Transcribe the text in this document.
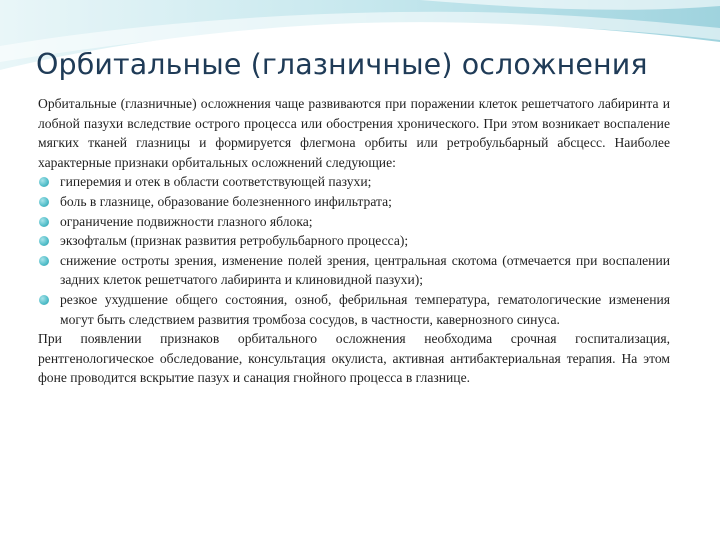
Орбитальные (глазничные) осложнения

Орбитальные (глазничные) осложнения чаще развиваются при поражении клеток решетчатого лабиринта и лобной пазухи вследствие острого процесса или обострения хронического. При этом возникает воспаление мягких тканей глазницы и формируется флегмона орбиты или ретробульбарный абсцесс. Наиболее характерные признаки орбитальных осложнений следующие:

гиперемия и отек в области соответствующей пазухи;
боль в глазнице, образование болезненного инфильтрата;
ограничение подвижности глазного яблока;
экзофтальм (признак развития ретробульбарного процесса);
снижение остроты зрения, изменение полей зрения, центральная скотома (отмечается при воспалении задних клеток решетчатого лабиринта и клиновидной пазухи);
резкое ухудшение общего состояния, озноб, фебрильная температура, гематологические изменения могут быть следствием развития тромбоза сосудов, в частности, кавернозного синуса.

При появлении признаков орбитального осложнения необходима срочная госпитализация, рентгенологическое обследование, консультация окулиста, активная антибактериальная терапия. На этом фоне проводится вскрытие пазух и санация гнойного процесса в глазнице.
